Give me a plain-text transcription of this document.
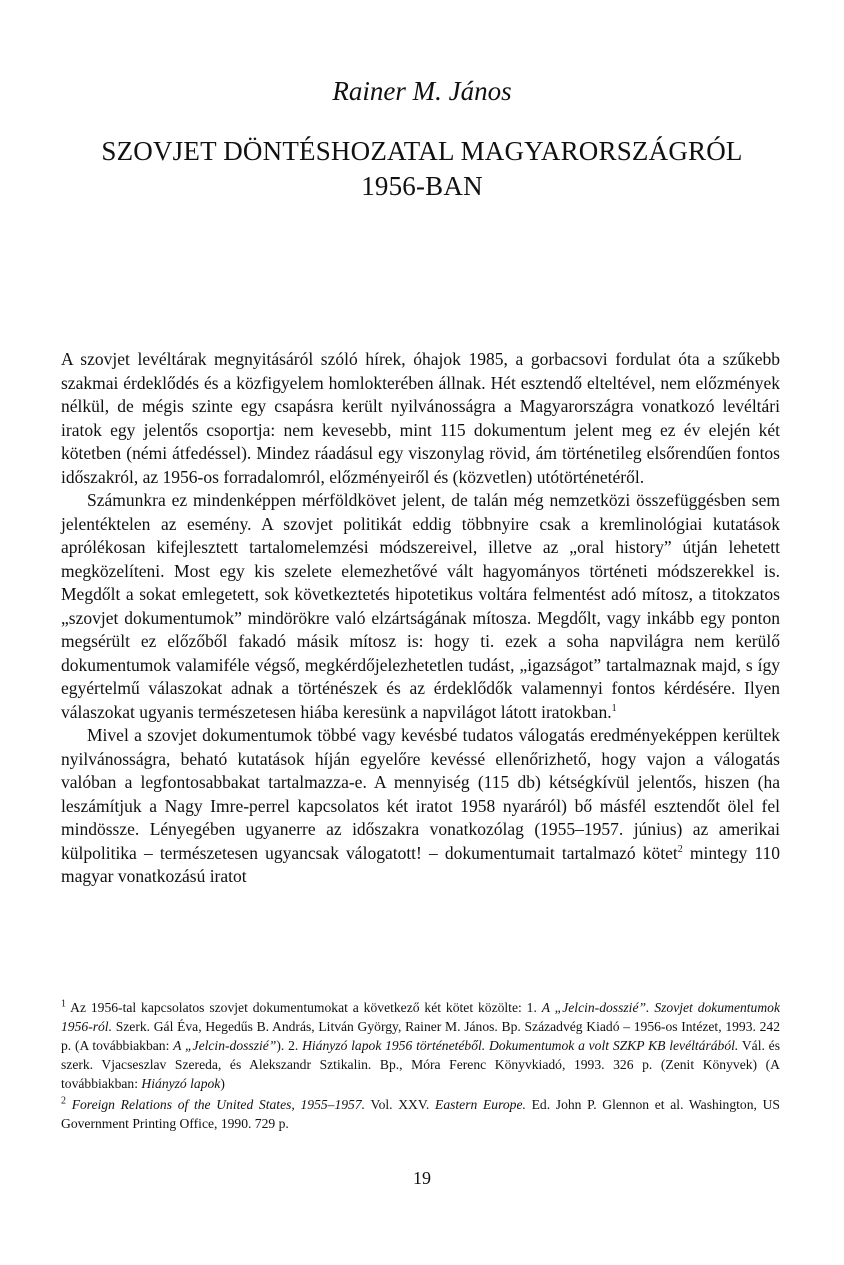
Rainer M. János
SZOVJET DÖNTÉSHOZATAL MAGYARORSZÁGRÓL
1956-BAN

A szovjet levéltárak megnyitásáról szóló hírek, óhajok 1985, a gorbacsovi fordulat óta a szűkebb szakmai érdeklődés és a közfigyelem homlokterében állnak. Hét esztendő elteltével, nem előzmények nélkül, de mégis szinte egy csapásra került nyilvánosságra a Magyarországra vonatkozó levéltári iratok egy jelentős csoportja: nem kevesebb, mint 115 dokumentum jelent meg ez év elején két kötetben (némi átfedéssel). Mindez ráadásul egy viszonylag rövid, ám történetileg elsőrendűen fontos időszakról, az 1956-os forradalomról, előzményeiről és (közvetlen) utótörténetéről.

Számunkra ez mindenképpen mérföldkövet jelent, de talán még nemzetközi összefüggésben sem jelentéktelen az esemény. A szovjet politikát eddig többnyire csak a kremlinológiai kutatások aprólékosan kifejlesztett tartalomelemzési módszereivel, illetve az „oral history” útján lehetett megközelíteni. Most egy kis szelete elemezhetővé vált hagyományos történeti módszerekkel is. Megdőlt a sokat emlegetett, sok következtetés hipotetikus voltára felmentést adó mítosz, a titokzatos „szovjet dokumentumok” mindörökre való elzártságának mítosza. Megdőlt, vagy inkább egy ponton megsérült ez előzőből fakadó másik mítosz is: hogy ti. ezek a soha napvilágra nem kerülő dokumentumok valamiféle végső, megkérdőjelezhetetlen tudást, „igazságot” tartalmaznak majd, s így egyértelmű válaszokat adnak a történészek és az érdeklődők valamennyi fontos kérdésére. Ilyen válaszokat ugyanis természetesen hiába keresünk a napvilágot látott iratokban.$^1$

Mivel a szovjet dokumentumok többé vagy kevésbé tudatos válogatás eredményeképpen kerültek nyilvánosságra, beható kutatások híján egyelőre kevéssé ellenőrizhető, hogy vajon a válogatás valóban a legfontosabbakat tartalmazza-e. A mennyiség (115 db) kétségkívül jelentős, hiszen (ha leszámítjuk a Nagy Imre-perrel kapcsolatos két iratot 1958 nyaráról) bő másfél esztendőt ölel fel mindössze. Lényegében ugyanerre az időszakra vonatkozólag (1955–1957. június) az amerikai külpolitika – természetesen ugyancsak válogatott! – dokumentumait tartalmazó kötet$^2$ mintegy 110 magyar vonatkozású iratot

$^1$ Az 1956-tal kapcsolatos szovjet dokumentumokat a következő két kötet közölte: 1. A „Jelcin-dosszié”. Szovjet dokumentumok 1956-ról. Szerk. Gál Éva, Hegedűs B. András, Litván György, Rainer M. János. Bp. Századvég Kiadó – 1956-os Intézet, 1993. 242 p. (A továbbiakban: A „Jelcin-dosszié”). 2. Hiányzó lapok 1956 történetéből. Dokumentumok a volt SZKP KB levéltárából. Vál. és szerk. Vjacseszlav Szereda, és Alekszandr Sztikalin. Bp., Móra Ferenc Könyvkiadó, 1993. 326 p. (Zenit Könyvek) (A továbbiakban: Hiányzó lapok)

$^2$ Foreign Relations of the United States, 1955–1957. Vol. XXV. Eastern Europe. Ed. John P. Glennon et al. Washington, US Government Printing Office, 1990. 729 p.

19
